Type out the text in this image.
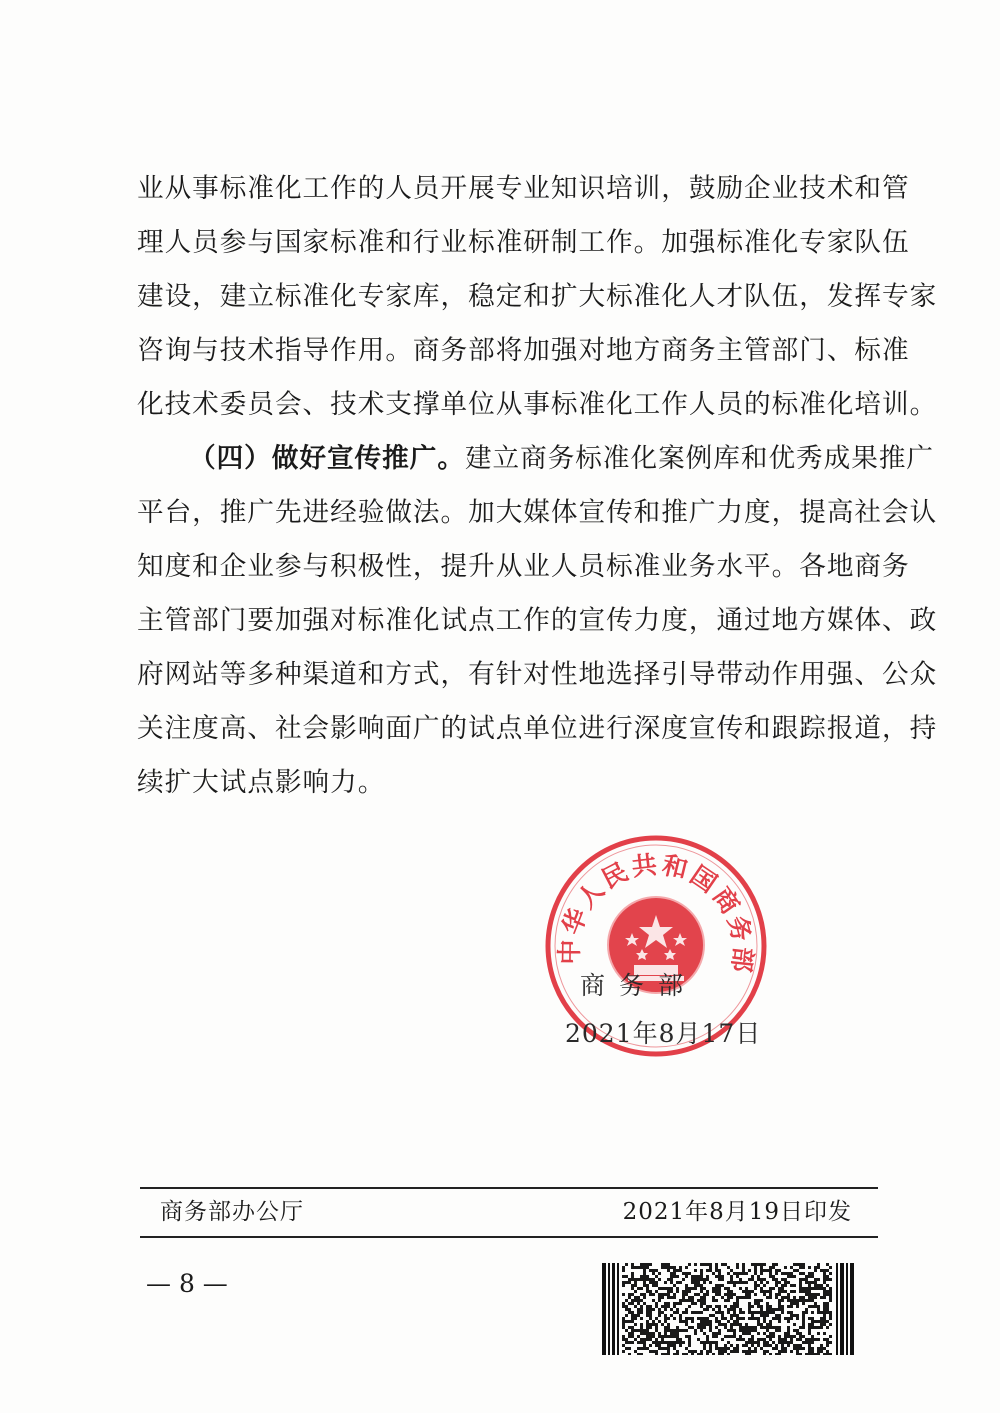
业从事标准化工作的人员开展专业知识培训，鼓励企业技术和管
理人员参与国家标准和行业标准研制工作。加强标准化专家队伍
建设，建立标准化专家库，稳定和扩大标准化人才队伍，发挥专家
咨询与技术指导作用。商务部将加强对地方商务主管部门、标准
化技术委员会、技术支撑单位从事标准化工作人员的标准化培训。
（四）做好宣传推广。建立商务标准化案例库和优秀成果推广
平台，推广先进经验做法。加大媒体宣传和推广力度，提高社会认
知度和企业参与积极性，提升从业人员标准业务水平。各地商务
主管部门要加强对标准化试点工作的宣传力度，通过地方媒体、政
府网站等多种渠道和方式，有针对性地选择引导带动作用强、公众
关注度高、社会影响面广的试点单位进行深度宣传和跟踪报道，持
续扩大试点影响力。
中华人民共和国商务部
商务部
2021年8月17日
商务部办公厅	2021年8月19日印发
— 8 —
